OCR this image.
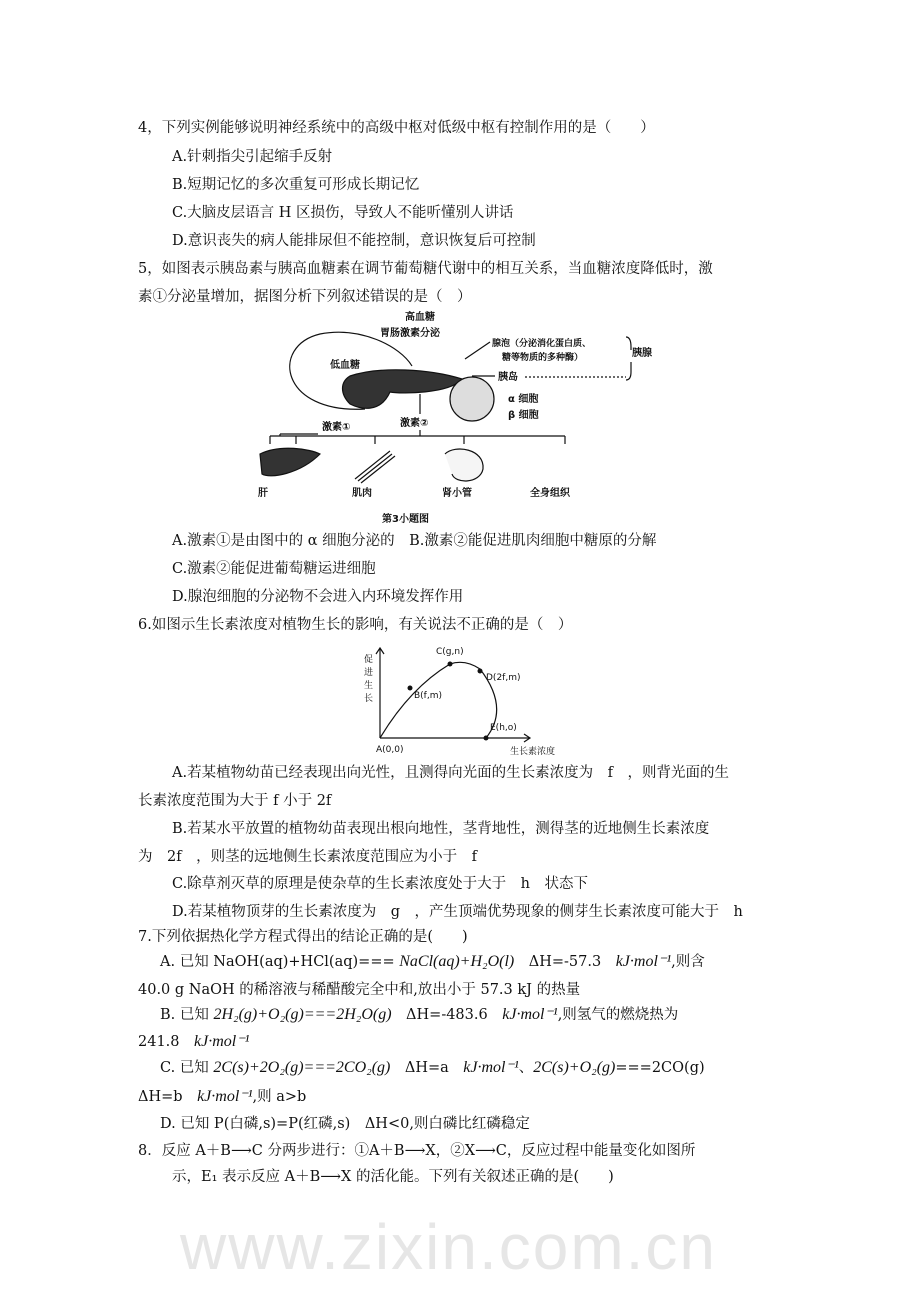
www.zixin.com.cn
4，下列实例能够说明神经系统中的高级中枢对低级中枢有控制作用的是（　　）
A.针刺指尖引起缩手反射
B.短期记忆的多次重复可形成长期记忆
C.大脑皮层语言 H 区损伤，导致人不能听懂别人讲话
D.意识丧失的病人能排尿但不能控制，意识恢复后可控制
5，如图表示胰岛素与胰高血糖素在调节葡萄糖代谢中的相互关系，当血糖浓度降低时，激
素①分泌量增加，据图分析下列叙述错误的是（　）
高血糖
胃肠激素分泌
低血糖
腺泡（分泌消化蛋白质、
糖等物质的多种酶）	胰腺
胰岛
α 细胞
β 细胞
激素①	激素②
肝	肌肉	肾小管	全身组织
第3小题图
A.激素①是由图中的 α 细胞分泌的　B.激素②能促进肌肉细胞中糖原的分解
C.激素②能促进葡萄糖运进细胞
D.腺泡细胞的分泌物不会进入内环境发挥作用
6.如图示生长素浓度对植物生长的影响，有关说法不正确的是（　）
促
进
生
长
A(0,0)
B(f,m)
C(g,n)
D(2f,m)
E(h,o)
生长素浓度
A.若某植物幼苗已经表现出向光性，且测得向光面的生长素浓度为　f　，则背光面的生
长素浓度范围为大于 f 小于 2f
B.若某水平放置的植物幼苗表现出根向地性，茎背地性，测得茎的近地侧生长素浓度
为　2f　，则茎的远地侧生长素浓度范围应为小于　f
C.除草剂灭草的原理是使杂草的生长素浓度处于大于　h　状态下
D.若某植物顶芽的生长素浓度为　g　，产生顶端优势现象的侧芽生长素浓度可能大于　h
7.下列依据热化学方程式得出的结论正确的是(　　)
A. 已知 NaOH(aq)+HCl(aq)=== NaCl(aq)+H₂O(l)　ΔH=-57.3　kJ·mol⁻¹,则含
40.0 g NaOH 的稀溶液与稀醋酸完全中和,放出小于 57.3 kJ 的热量
B. 已知 2H₂(g)+O₂(g)===2H₂O(g)　ΔH=-483.6　kJ·mol⁻¹,则氢气的燃烧热为
241.8　 kJ·mol⁻¹
C. 已知 2C(s)+2O₂(g)===2CO₂(g)　ΔH=a　kJ·mol⁻¹、2C(s)+O₂(g)===2CO(g)
ΔH=b　 kJ·mol⁻¹,则 a>b
D. 已知 P(白磷,s)=P(红磷,s)　ΔH<0,则白磷比红磷稳定
8．反应 A＋B⟶C 分两步进行：①A＋B⟶X，②X⟶C，反应过程中能量变化如图所
示，E₁ 表示反应 A＋B⟶X 的活化能。下列有关叙述正确的是(　　)
